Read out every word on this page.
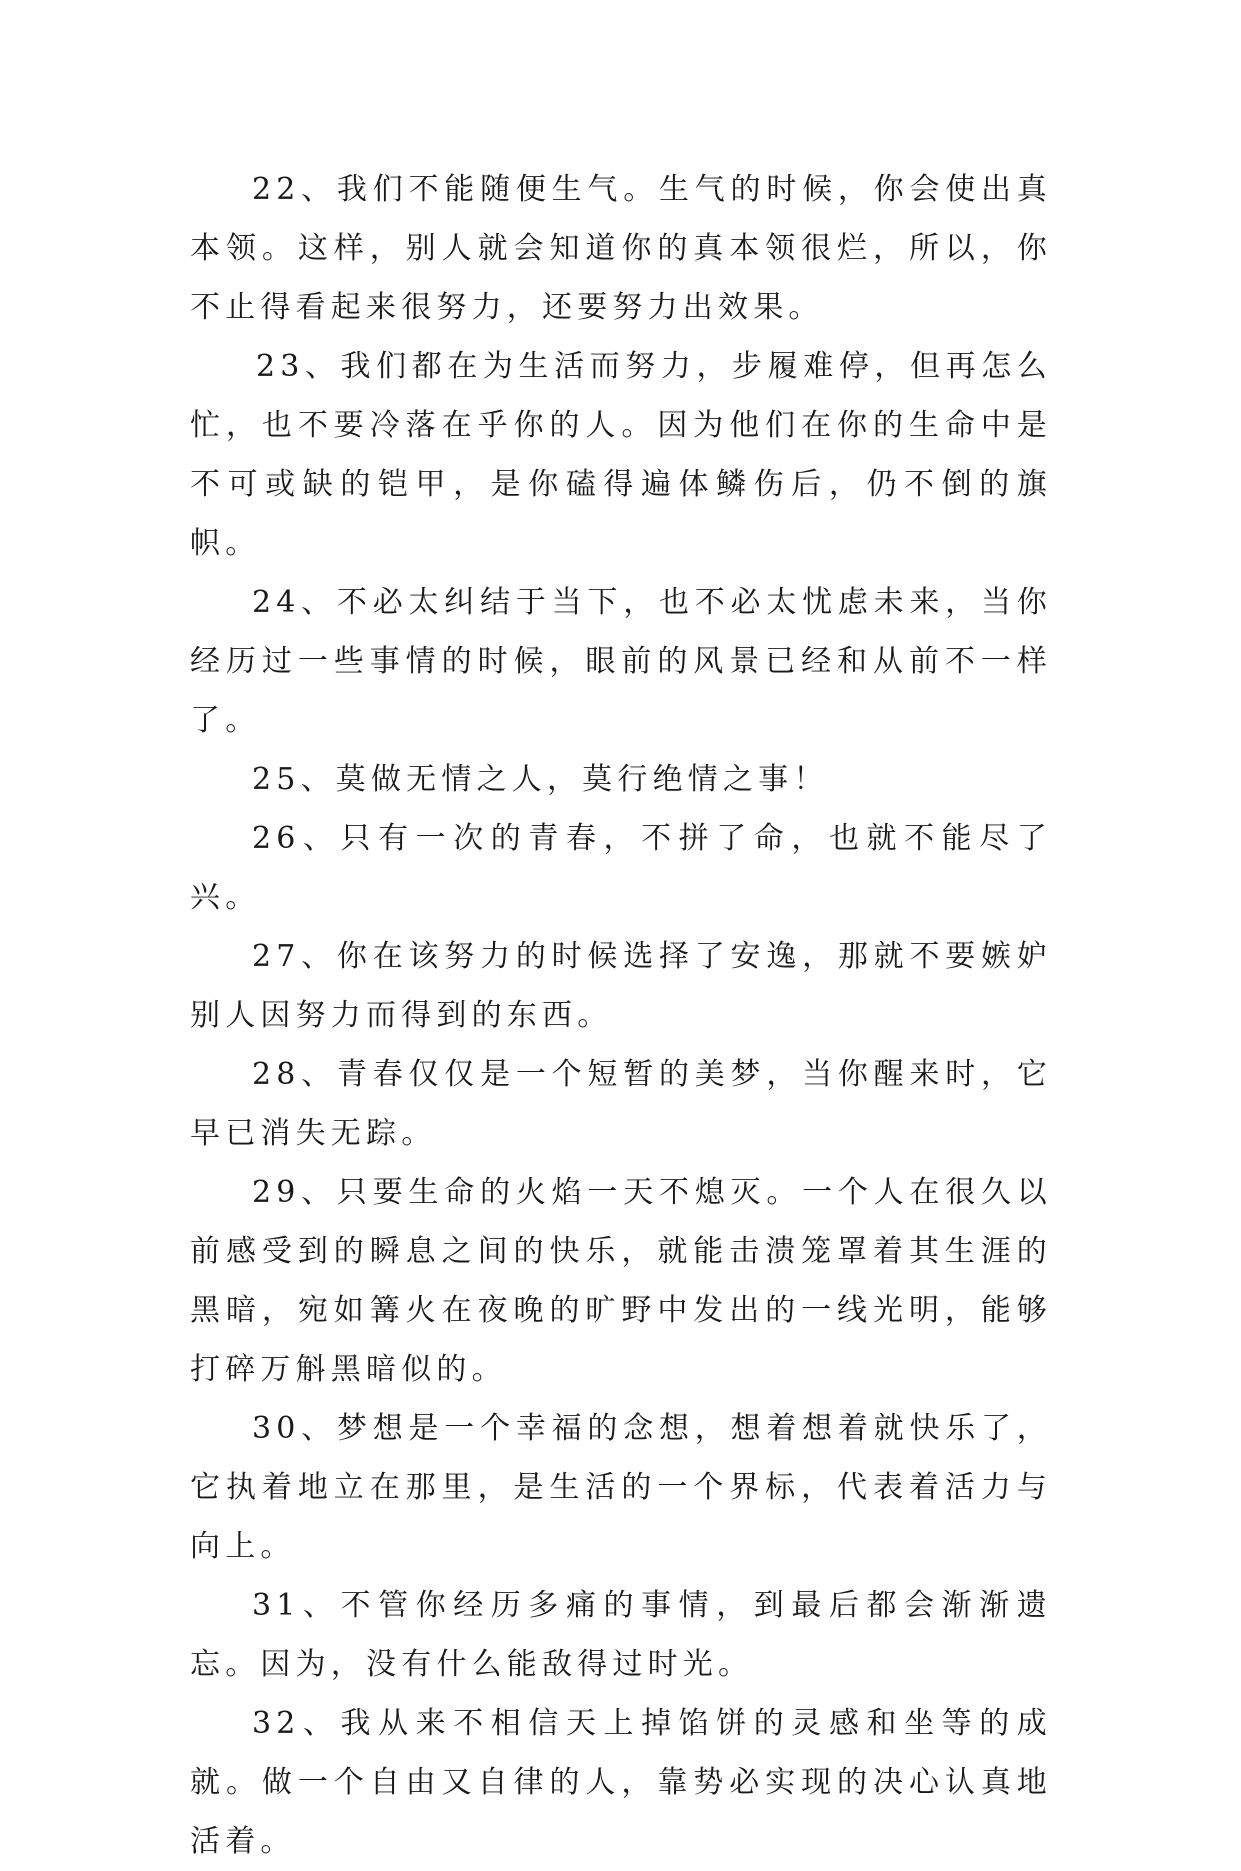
22、我们不能随便生气。生气的时候，你会使出真本领。这样，别人就会知道你的真本领很烂，所以，你不止得看起来很努力，还要努力出效果。

23、我们都在为生活而努力，步履难停，但再怎么忙，也不要冷落在乎你的人。因为他们在你的生命中是不可或缺的铠甲，是你磕得遍体鳞伤后，仍不倒的旗帜。

24、不必太纠结于当下，也不必太忧虑未来，当你经历过一些事情的时候，眼前的风景已经和从前不一样了。

25、莫做无情之人，莫行绝情之事！

26、只有一次的青春，不拼了命，也就不能尽了兴。

27、你在该努力的时候选择了安逸，那就不要嫉妒别人因努力而得到的东西。

28、青春仅仅是一个短暂的美梦，当你醒来时，它早已消失无踪。

29、只要生命的火焰一天不熄灭。一个人在很久以前感受到的瞬息之间的快乐，就能击溃笼罩着其生涯的黑暗，宛如篝火在夜晚的旷野中发出的一线光明，能够打碎万斛黑暗似的。

30、梦想是一个幸福的念想，想着想着就快乐了，它执着地立在那里，是生活的一个界标，代表着活力与向上。

31、不管你经历多痛的事情，到最后都会渐渐遗忘。因为，没有什么能敌得过时光。

32、我从来不相信天上掉馅饼的灵感和坐等的成就。做一个自由又自律的人，靠势必实现的决心认真地活着。
